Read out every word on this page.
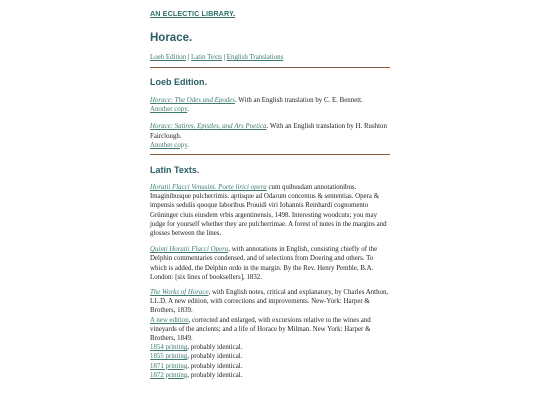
AN ECLECTIC LIBRARY.
Horace.
Loeb Edition | Latin Texts | English Translations
Loeb Edition.

Horace: The Odes and Epodes. With an English translation by C. E. Bennett.
Another copy.

Horace: Satires, Epistles, and Ars Poetica. With an English translation by H. Rushton Fairclough.
Another copy.

Latin Texts.

Horatii Flacci Venusini. Poete lirici opera cum quibusdam annotationibus. Imaginibusque pulcherrimis. aptisque ad Odarum concentus & sententias. Opera & impensis sedulis quoque laboribus Prouidi viri Iohannis Reinhardi cognomento Grüninger ciuis eiusdem vrbis argentinensis, 1498. Interesting woodcuts; you may judge for yourself whether they are pulcherrimae. A forest of notes in the margins and glosses between the lines.

Quinti Horatii Flacci Opera, with annotations in English, consisting chiefly of the Delphin commentaries condensed, and of selections from Doering and others. To which is added, the Delphin ordo in the margin. By the Rev. Henry Pemble, B.A. London: [six lines of booksellers], 1832.

The Works of Horace, with English notes, critical and explanatory, by Charles Anthon, LL.D. A new edition, with corrections and improvements. New-York: Harper & Brothers, 1839.
A new edition, corrected and enlarged, with excursions relative to the wines and vineyards of the ancients; and a life of Horace by Milman. New York: Harper & Brothers, 1849.
1854 printing, probably identical.
1855 printing, probably identical.
1871 printing, probably identical.
1872 printing, probably identical.
